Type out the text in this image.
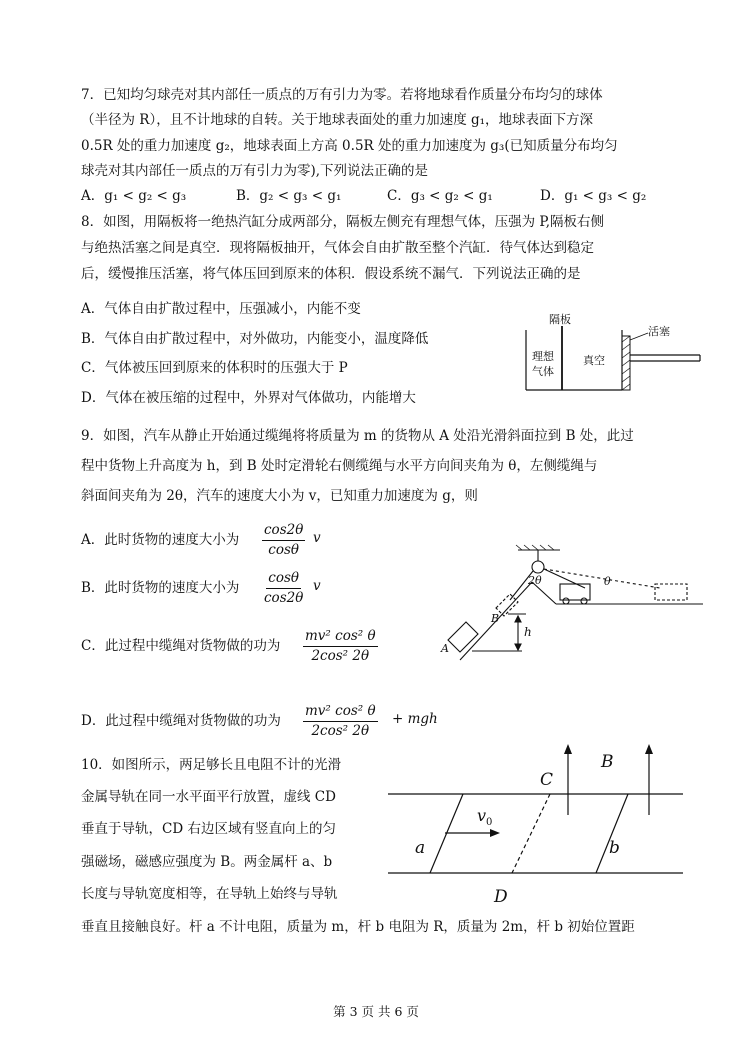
7．已知均匀球壳对其内部任一质点的万有引力为零。若将地球看作质量分布均匀的球体
（半径为 R），且不计地球的自转。关于地球表面处的重力加速度 g₁，地球表面下方深
0.5R 处的重力加速度 g₂，地球表面上方高 0.5R 处的重力加速度为 g₃(已知质量分布均匀
球壳对其内部任一质点的万有引力为零),下列说法正确的是
A．g₁ < g₂ < g₃	B．g₂ < g₃ < g₁	C．g₃ < g₂ < g₁	D．g₁ < g₃ < g₂
8．如图，用隔板将一绝热汽缸分成两部分，隔板左侧充有理想气体，压强为 P,隔板右侧
与绝热活塞之间是真空．现将隔板抽开，气体会自由扩散至整个汽缸．待气体达到稳定
后，缓慢推压活塞，将气体压回到原来的体积．假设系统不漏气．下列说法正确的是
A．气体自由扩散过程中，压强减小，内能不变
B．气体自由扩散过程中，对外做功，内能变小，温度降低
C．气体被压回到原来的体积时的压强大于 P
D．气体在被压缩的过程中，外界对气体做功，内能增大
隔板
活塞
理想
气体
真空
9．如图，汽车从静止开始通过缆绳将将质量为 m 的货物从 A 处沿光滑斜面拉到 B 处，此过
程中货物上升高度为 h，到 B 处时定滑轮右侧缆绳与水平方向间夹角为 θ，左侧缆绳与
斜面间夹角为 2θ，汽车的速度大小为 v，已知重力加速度为 g，则
A．此时货物的速度大小为 $\frac{\cos 2\theta}{\cos\theta}$ v
B．此时货物的速度大小为 $\frac{\cos\theta}{\cos 2\theta}$ v
C．此过程中缆绳对货物做的功为 $\frac{\text{mv² cos² θ}}{\text{2cos² 2θ}}$
D．此过程中缆绳对货物做的功为 $\frac{\text{mv² cos² θ}}{\text{2cos² 2θ}}$ + mgh
2θ	θ
B
A
h
10．如图所示，两足够长且电阻不计的光滑
金属导轨在同一水平面平行放置，虚线 CD
垂直于导轨，CD 右边区域有竖直向上的匀
强磁场，磁感应强度为 B。两金属杆 a、b
长度与导轨宽度相等，在导轨上始终与导轨
垂直且接触良好。杆 a 不计电阻，质量为 m，杆 b 电阻为 R，质量为 2m，杆 b 初始位置距
C
B
v 0
a	b
D
第 3 页 共 6 页
